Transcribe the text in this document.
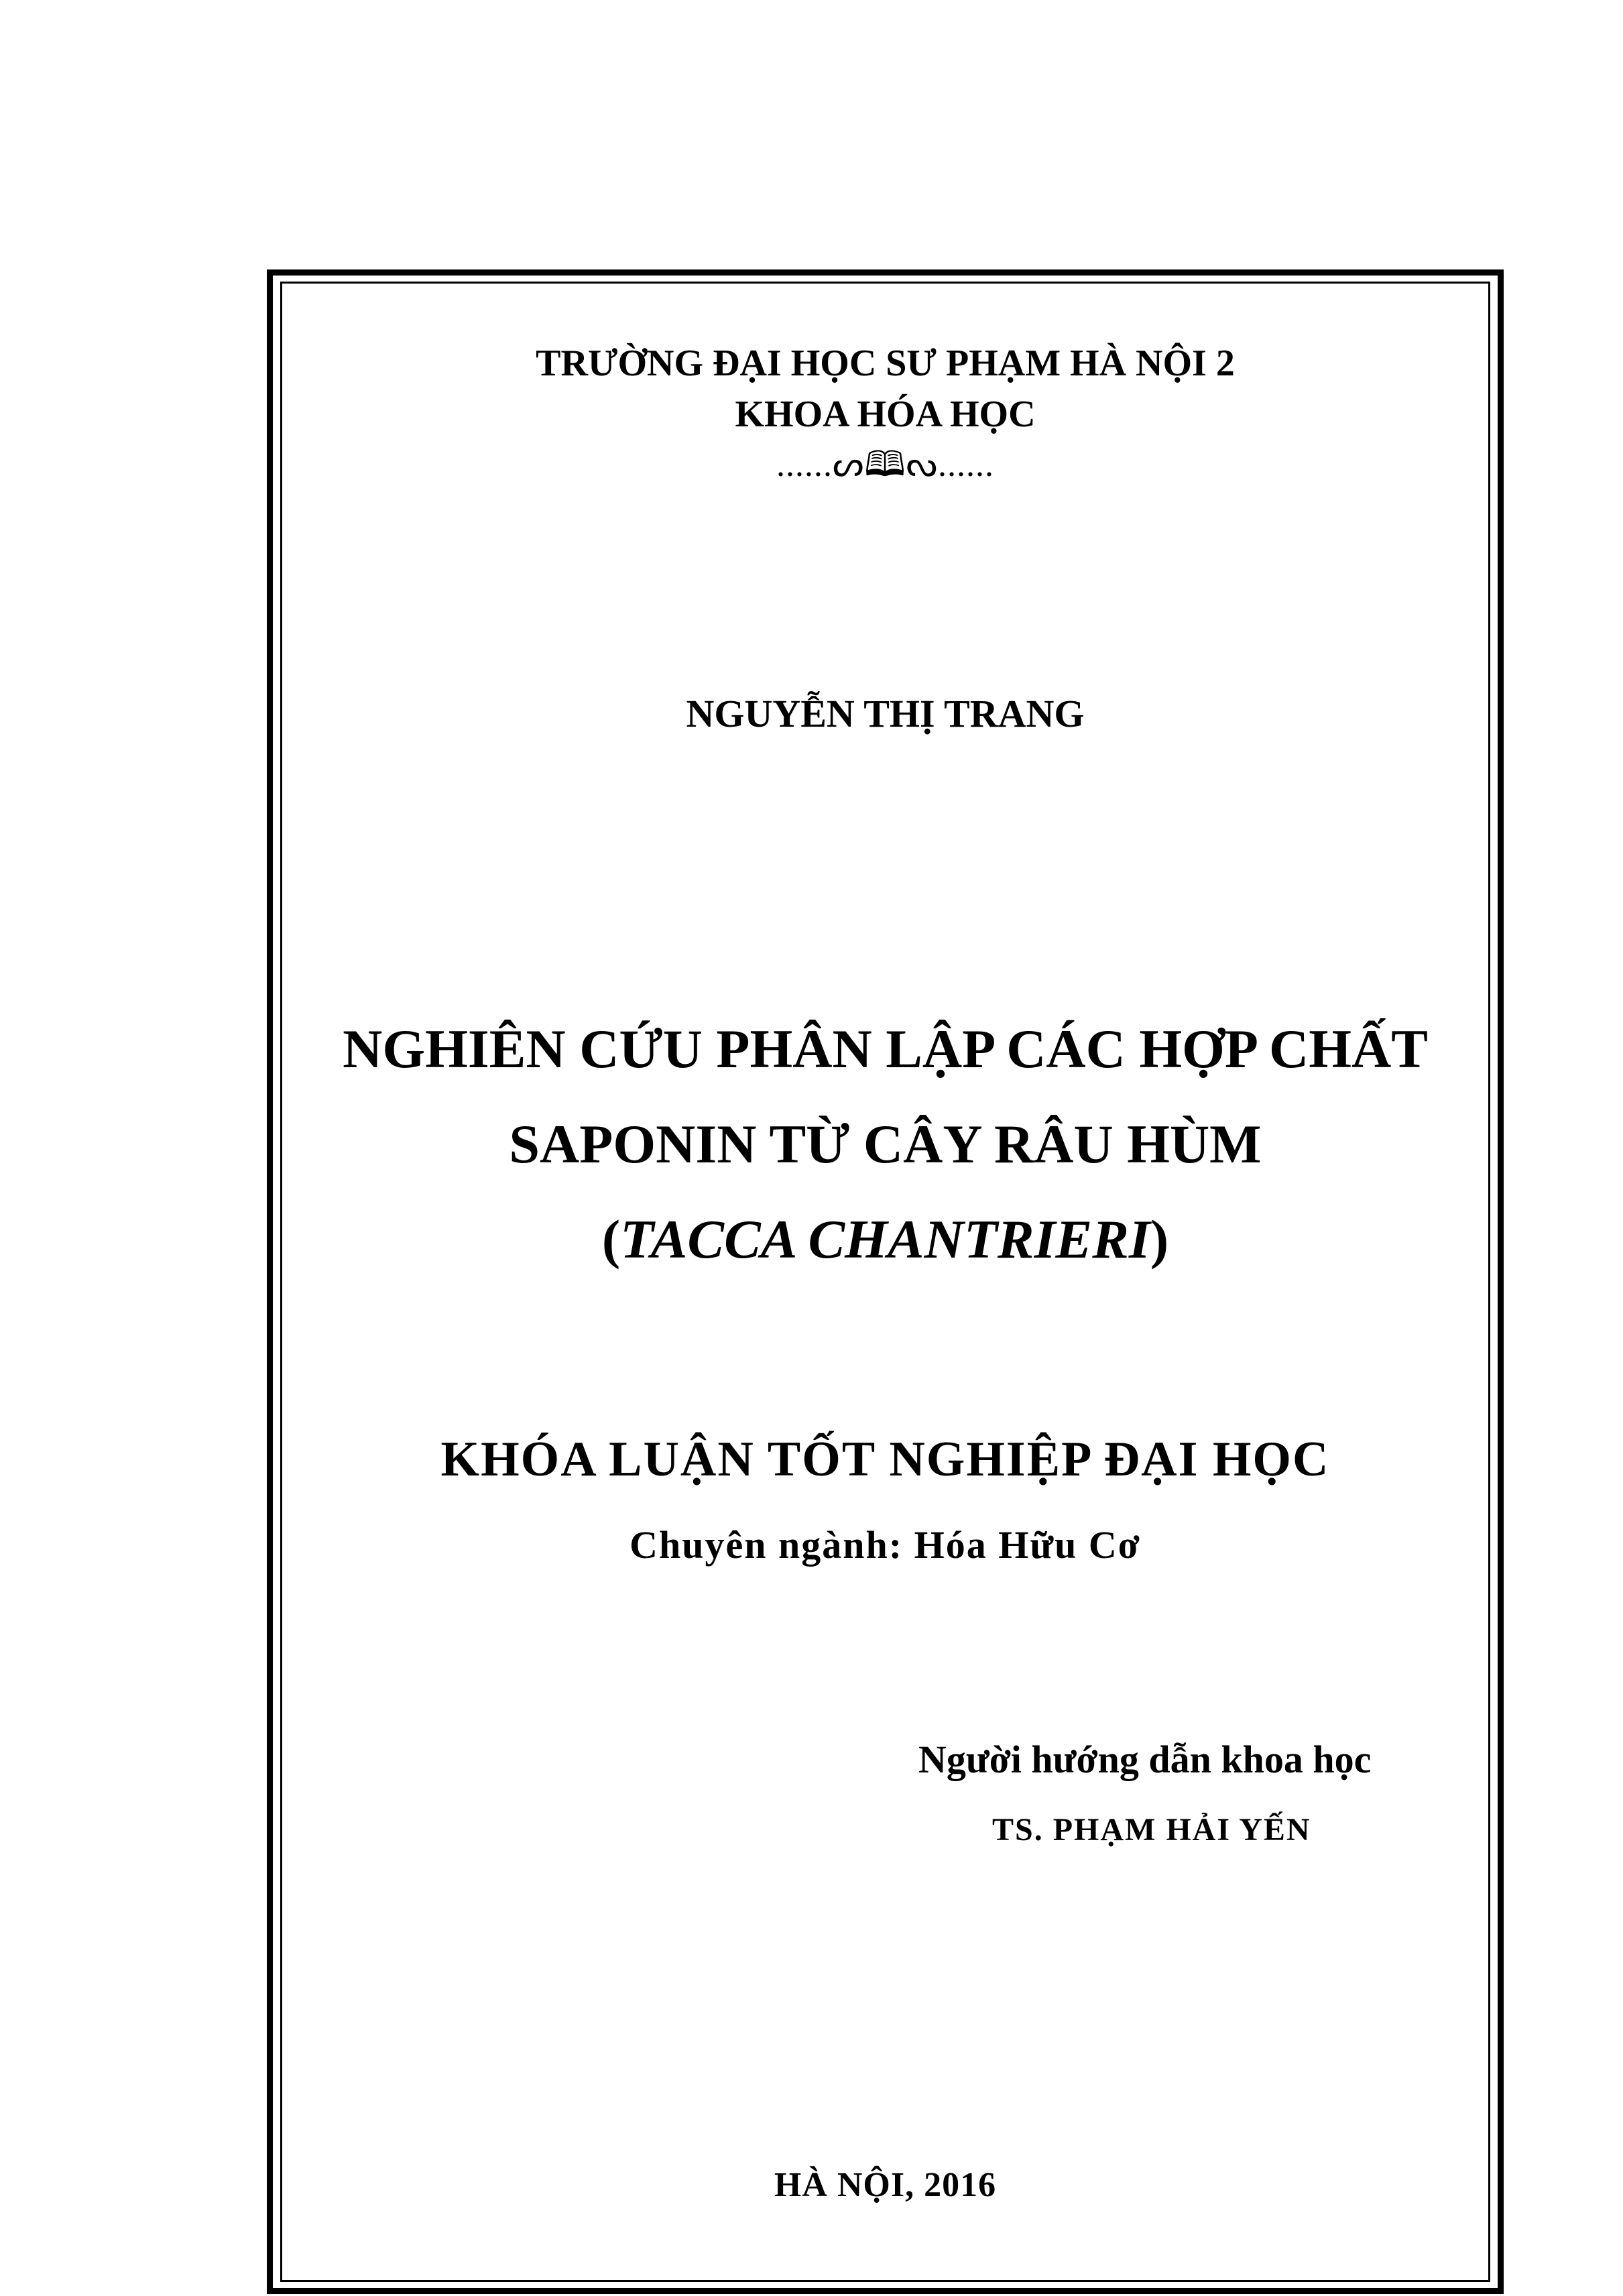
TRƯỜNG ĐẠI HỌC SƯ PHẠM HÀ NỘI 2
KHOA HÓA HỌC
......ᔕ🕮ᔓ......
NGUYỄN THỊ TRANG
NGHIÊN CỨU PHÂN LẬP CÁC HỢP CHẤT
SAPONIN TỪ CÂY RÂU HÙM
(TACCA CHANTRIERI)
KHÓA LUẬN TỐT NGHIỆP ĐẠI HỌC
Chuyên ngành: Hóa Hữu Cơ
Người hướng dẫn khoa học
TS. PHẠM HẢI YẾN
HÀ NỘI, 2016
